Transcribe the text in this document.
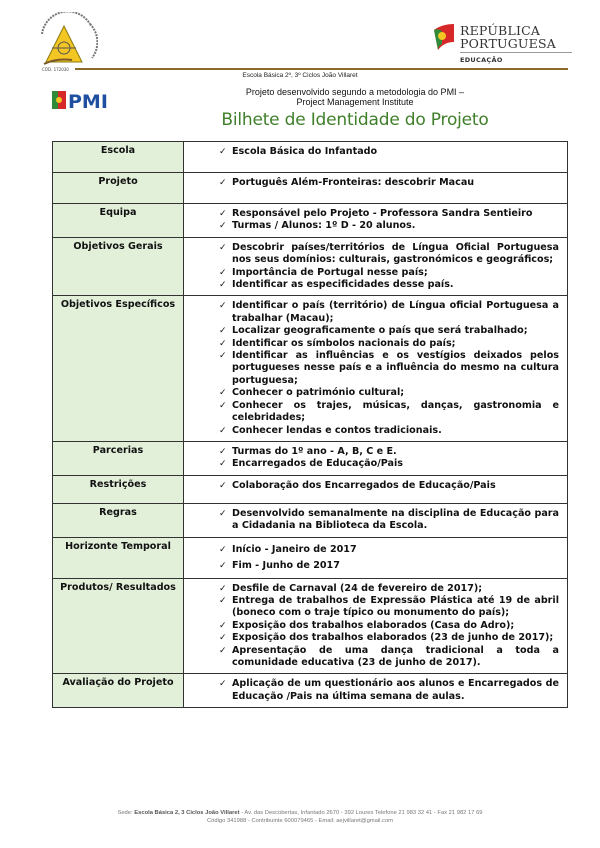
CÓD. 172030
REPÚBLICA
PORTUGUESA
EDUCAÇÃO
Escola Básica 2º, 3º Ciclos João Villaret
PMI	Projeto desenvolvido segundo a metodologia do PMI –
Project Management Institute
Bilhete de Identidade do Projeto
Escola	
✓Escola Básica do Infantado

Projeto	
✓Português Além-Fronteiras: descobrir Macau

Equipa	
✓Responsável pelo Projeto - Professora Sandra Sentieiro
✓ Turmas / Alunos: 1º D - 20 alunos.

Objetivos Gerais	
✓Descobrir países/territórios de Língua Oficial Portuguesa nos seus domínios: culturais, gastronómicos e geográficos;
✓ Importância de Portugal nesse país;
✓ Identificar as especificidades desse país.

Objetivos Específicos	
✓Identificar o país (território) de Língua oficial Portuguesa a trabalhar (Macau);
✓ Localizar geograficamente o país que será trabalhado;
✓ Identificar os símbolos nacionais do país;
✓ Identificar as influências e os vestígios deixados pelos portugueses nesse país e a influência do mesmo na cultura portuguesa;
✓ Conhecer o património cultural;
✓ Conhecer os trajes, músicas, danças, gastronomia e celebridades;
✓ Conhecer lendas e contos tradicionais.

Parcerias	
✓ Turmas do 1º ano - A, B, C e E.
✓ Encarregados de Educação/Pais

Restrições	
✓Colaboração dos Encarregados de Educação/Pais

Regras	
✓Desenvolvido semanalmente na disciplina de Educação para a Cidadania na Biblioteca da Escola.

Horizonte Temporal	
✓Início - Janeiro de 2017
✓ Fim - Junho de 2017

Produtos/ Resultados	
✓Desfile de Carnaval (24 de fevereiro de 2017);
✓ Entrega de trabalhos de Expressão Plástica até 19 de abril (boneco com o traje típico ou monumento do país);
✓ Exposição dos trabalhos elaborados (Casa do Adro);
✓ Exposição dos trabalhos elaborados (23 de junho de 2017);
✓ Apresentação de uma dança tradicional a toda a comunidade educativa (23 de junho de 2017).

Avaliação do Projeto	
✓Aplicação de um questionário aos alunos e Encarregados de Educação /Pais na última semana de aulas.
Sede: Escola Básica 2, 3 Ciclos João Villaret - Av. das Descobertas, Infantado 2670 - 392 Loures Telefone 21 983 32 41 - Fax 21 982 17 69
Código 341988 - Contribuinte 600079465 - Email: aejvillaret@gmail.com
